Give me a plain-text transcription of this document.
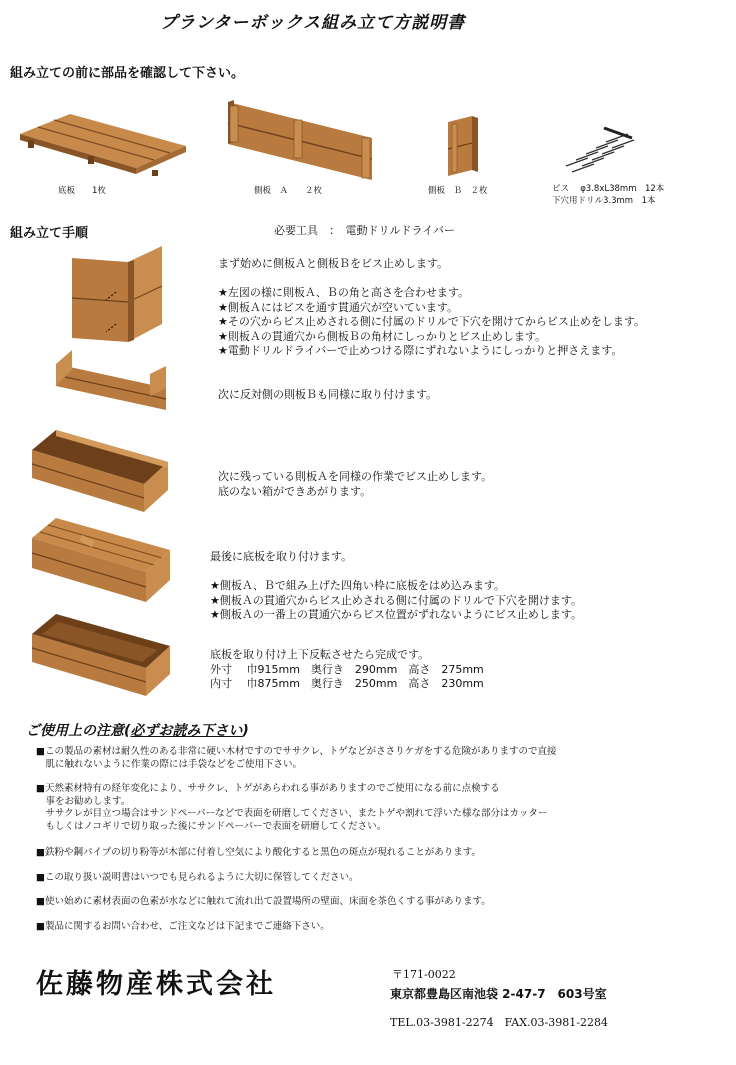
プランターボックス組み立て方説明書
組み立ての前に部品を確認して下さい。
底板　　1枚	側板　Ａ　　２枚	側板　Ｂ　２枚	ビス　 φ3.8xL38mm　12本
下穴用ドリル3.3mm　1本
組み立て手順	必要工具　：　電動ドリルドライバー
まず始めに側板Ａと側板Ｂをビス止めします。

★左図の様に則板Ａ、Ｂの角と高さを合わせます。
★側板Ａにはビスを通す貫通穴が空いています。
★その穴からビス止めされる側に付属のドリルで下穴を開けてからビス止めをします。
★則板Ａの貫通穴から側板Ｂの角材にしっかりとビス止めします。
★電動ドリルドライバーで止めつける際にずれないようにしっかりと押さえます。
次に反対側の則板Ｂも同様に取り付けます。
次に残っている則板Ａを同様の作業でビス止めします。
底のない箱ができあがります。
最後に底板を取り付けます。

★側板Ａ、Ｂで組み上げた四角い枠に底板をはめ込みます。
★側板Ａの貫通穴からビス止めされる側に付属のドリルで下穴を開けます。
★側板Ａの一番上の貫通穴からビス位置がずれないようにビス止めします。
底板を取り付け上下反転させたら完成です。
外寸　 巾915mm　奥行き　290mm　高さ　275mm
内寸　 巾875mm　奥行き　250mm　高さ　230mm
ご使用上の注意(必ずお読み下さい)

■この製品の素材は耐久性のある非常に硬い木材ですのでササクレ、トゲなどがささりケガをする危険がありますので直接

　肌に触れないように作業の際には手袋などをご使用下さい。

■天然素材特有の経年変化により、ササクレ、トゲがあらわれる事がありますのでご使用になる前に点検する

　事をお勧めします。

　ササクレが目立つ場合はサンドペーパーなどで表面を研磨してください、またトゲや割れて浮いた様な部分はカッター

　もしくはノコギリで切り取った後にサンドペーパーで表面を研磨してください。

■鉄粉や鋼パイプの切り粉等が木部に付着し空気により酸化すると黒色の斑点が現れることがあります。

■この取り扱い説明書はいつでも見られるように大切に保管してください。

■使い始めに素材表面の色素が水などに触れて流れ出て設置場所の壁面、床面を茶色くする事があります。

■製品に関するお問い合わせ、ご注文などは下記までご連絡下さい。

佐藤物産株式会社	〒171-0022
東京都豊島区南池袋 2-47-7　603号室
TEL.03-3981-2274　FAX.03-3981-2284
